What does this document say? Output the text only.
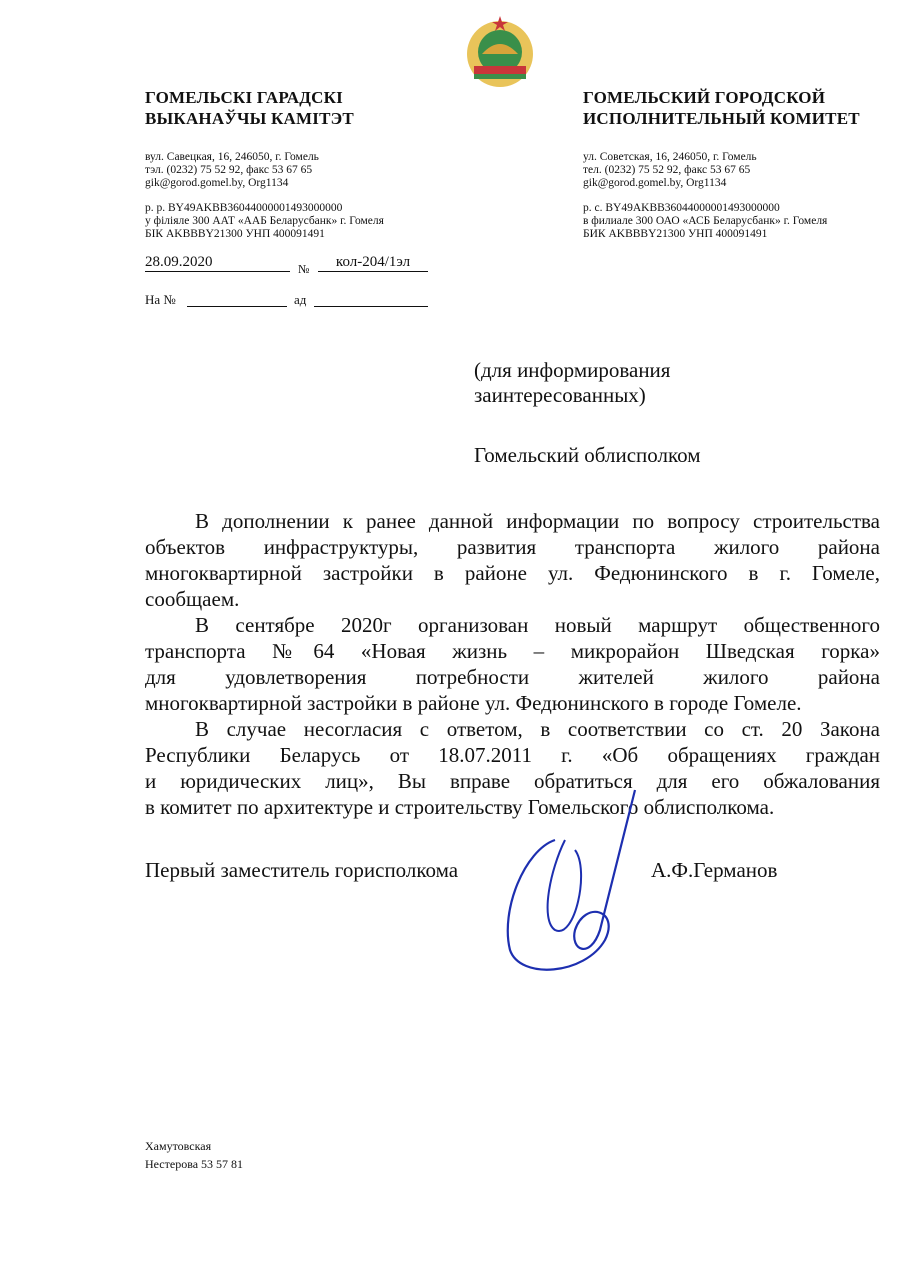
ГОМЕЛЬСКІ ГАРАДСКІ
ВЫКАНАЎЧЫ КАМІТЭТ
вул. Савецкая, 16, 246050, г. Гомель
тэл. (0232) 75 52 92, факс 53 67 65
gik@gorod.gomel.by, Org1134
р. р. BY49AKBB36044000001493000000
у філіяле 300 ААТ «ААБ Беларусбанк» г. Гомеля
БІК AKBBBY21300 УНП 400091491
ГОМЕЛЬСКИЙ ГОРОДСКОЙ
ИСПОЛНИТЕЛЬНЫЙ КОМИТЕТ
ул. Советская, 16, 246050, г. Гомель
тел. (0232) 75 52 92, факс 53 67 65
gik@gorod.gomel.by, Org1134
р. с. BY49AKBB36044000001493000000
в филиале 300 ОАО «АСБ Беларусбанк» г. Гомеля
БИК AKBBBY21300 УНП 400091491
28.09.2020	№	кол-204/1эл
На №	ад
(для информирования
заинтересованных)
Гомельский облисполком
В дополнении к ранее данной информации по вопросу строительства
объектов инфраструктуры, развития транспорта жилого района
многоквартирной застройки в районе ул. Федюнинского в г. Гомеле,
сообщаем.
В сентябре 2020г организован новый маршрут общественного
транспорта №64 «Новая жизнь – микрорайон Шведская горка»
для удовлетворения потребности жителей жилого района
многоквартирной застройки в районе ул. Федюнинского в городе Гомеле.
В случае несогласия с ответом, в соответствии со ст. 20 Закона
Республики Беларусь от 18.07.2011 г. «Об обращениях граждан
и юридических лиц», Вы вправе обратиться для его обжалования
в комитет по архитектуре и строительству Гомельского облисполкома.
Первый заместитель горисполкома	А.Ф.Германов
Хамутовская
Нестерова 53 57 81
